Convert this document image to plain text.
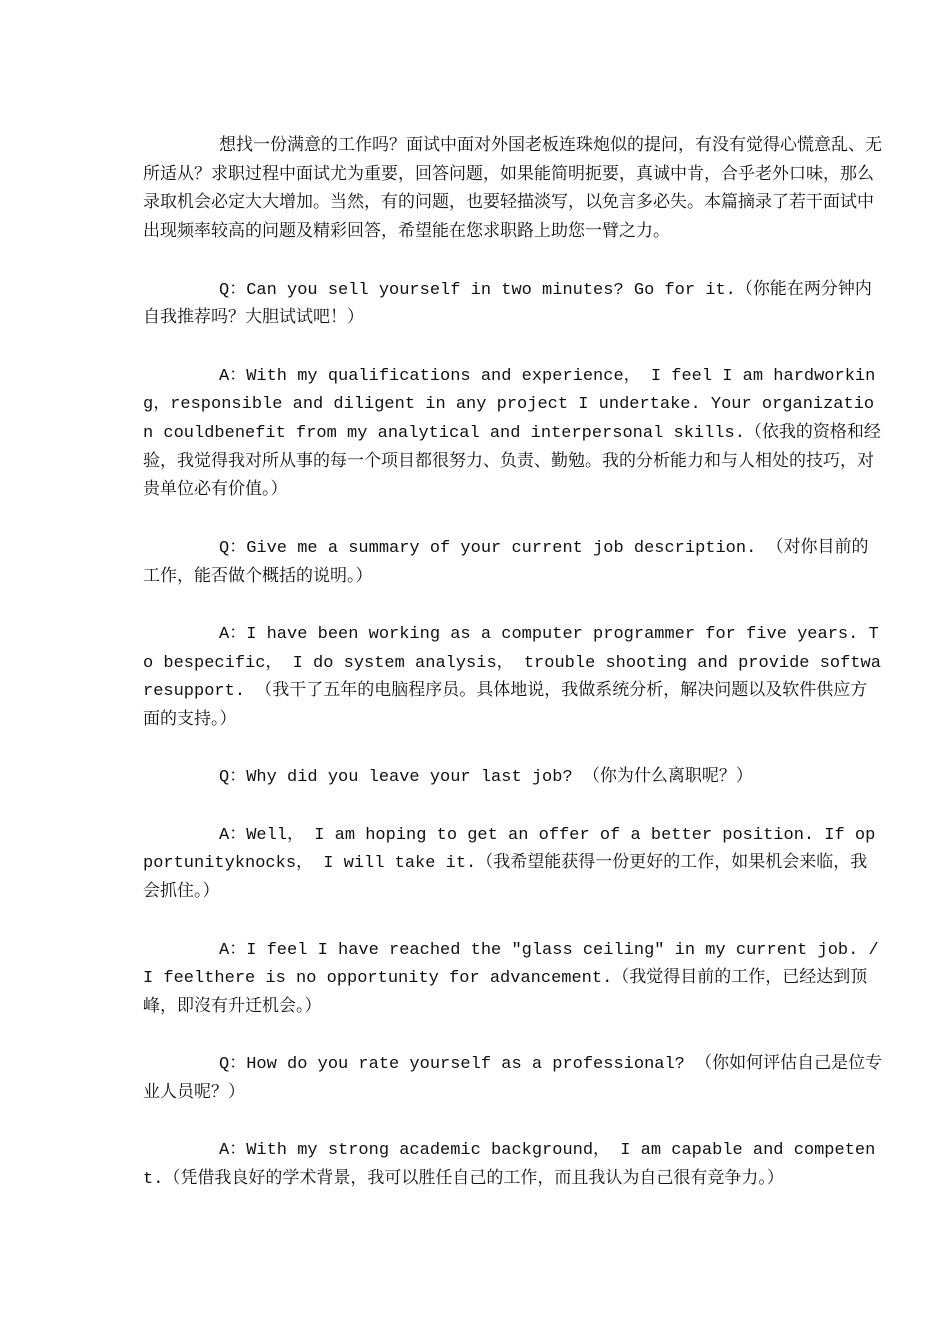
想找一份满意的工作吗？面试中面对外国老板连珠炮似的提问，有没有觉得心慌意乱、无所适从？求职过程中面试尤为重要，回答问题，如果能简明扼要，真诚中肯，合乎老外口味，那么录取机会必定大大增加。当然，有的问题，也要轻描淡写，以免言多必失。本篇摘录了若干面试中出现频率较高的问题及精彩回答，希望能在您求职路上助您一臂之力。

Q：Can you sell yourself in two minutes? Go for it.（你能在两分钟内自我推荐吗？大胆试试吧！）

A：With my qualifications and experience， I feel I am hardworking，responsible and diligent in any project I undertake. Your organization couldbenefit from my analytical and interpersonal skills.（依我的资格和经验，我觉得我对所从事的每一个项目都很努力、负责、勤勉。我的分析能力和与人相处的技巧，对贵单位必有价值。）

Q：Give me a summary of your current job description. （对你目前的工作，能否做个概括的说明。）

A：I have been working as a computer programmer for five years. To bespecific， I do system analysis， trouble shooting and provide softwaresupport. （我干了五年的电脑程序员。具体地说，我做系统分析，解决问题以及软件供应方面的支持。）

Q：Why did you leave your last job? （你为什么离职呢？）

A：Well， I am hoping to get an offer of a better position. If opportunityknocks， I will take it.（我希望能获得一份更好的工作，如果机会来临，我会抓住。）

A：I feel I have reached the "glass ceiling" in my current job. / I feelthere is no opportunity for advancement.（我觉得目前的工作，已经达到顶峰，即沒有升迁机会。）

Q：How do you rate yourself as a professional? （你如何评估自己是位专业人员呢？）

A：With my strong academic background， I am capable and competent.（凭借我良好的学术背景，我可以胜任自己的工作，而且我认为自己很有竞争力。）
